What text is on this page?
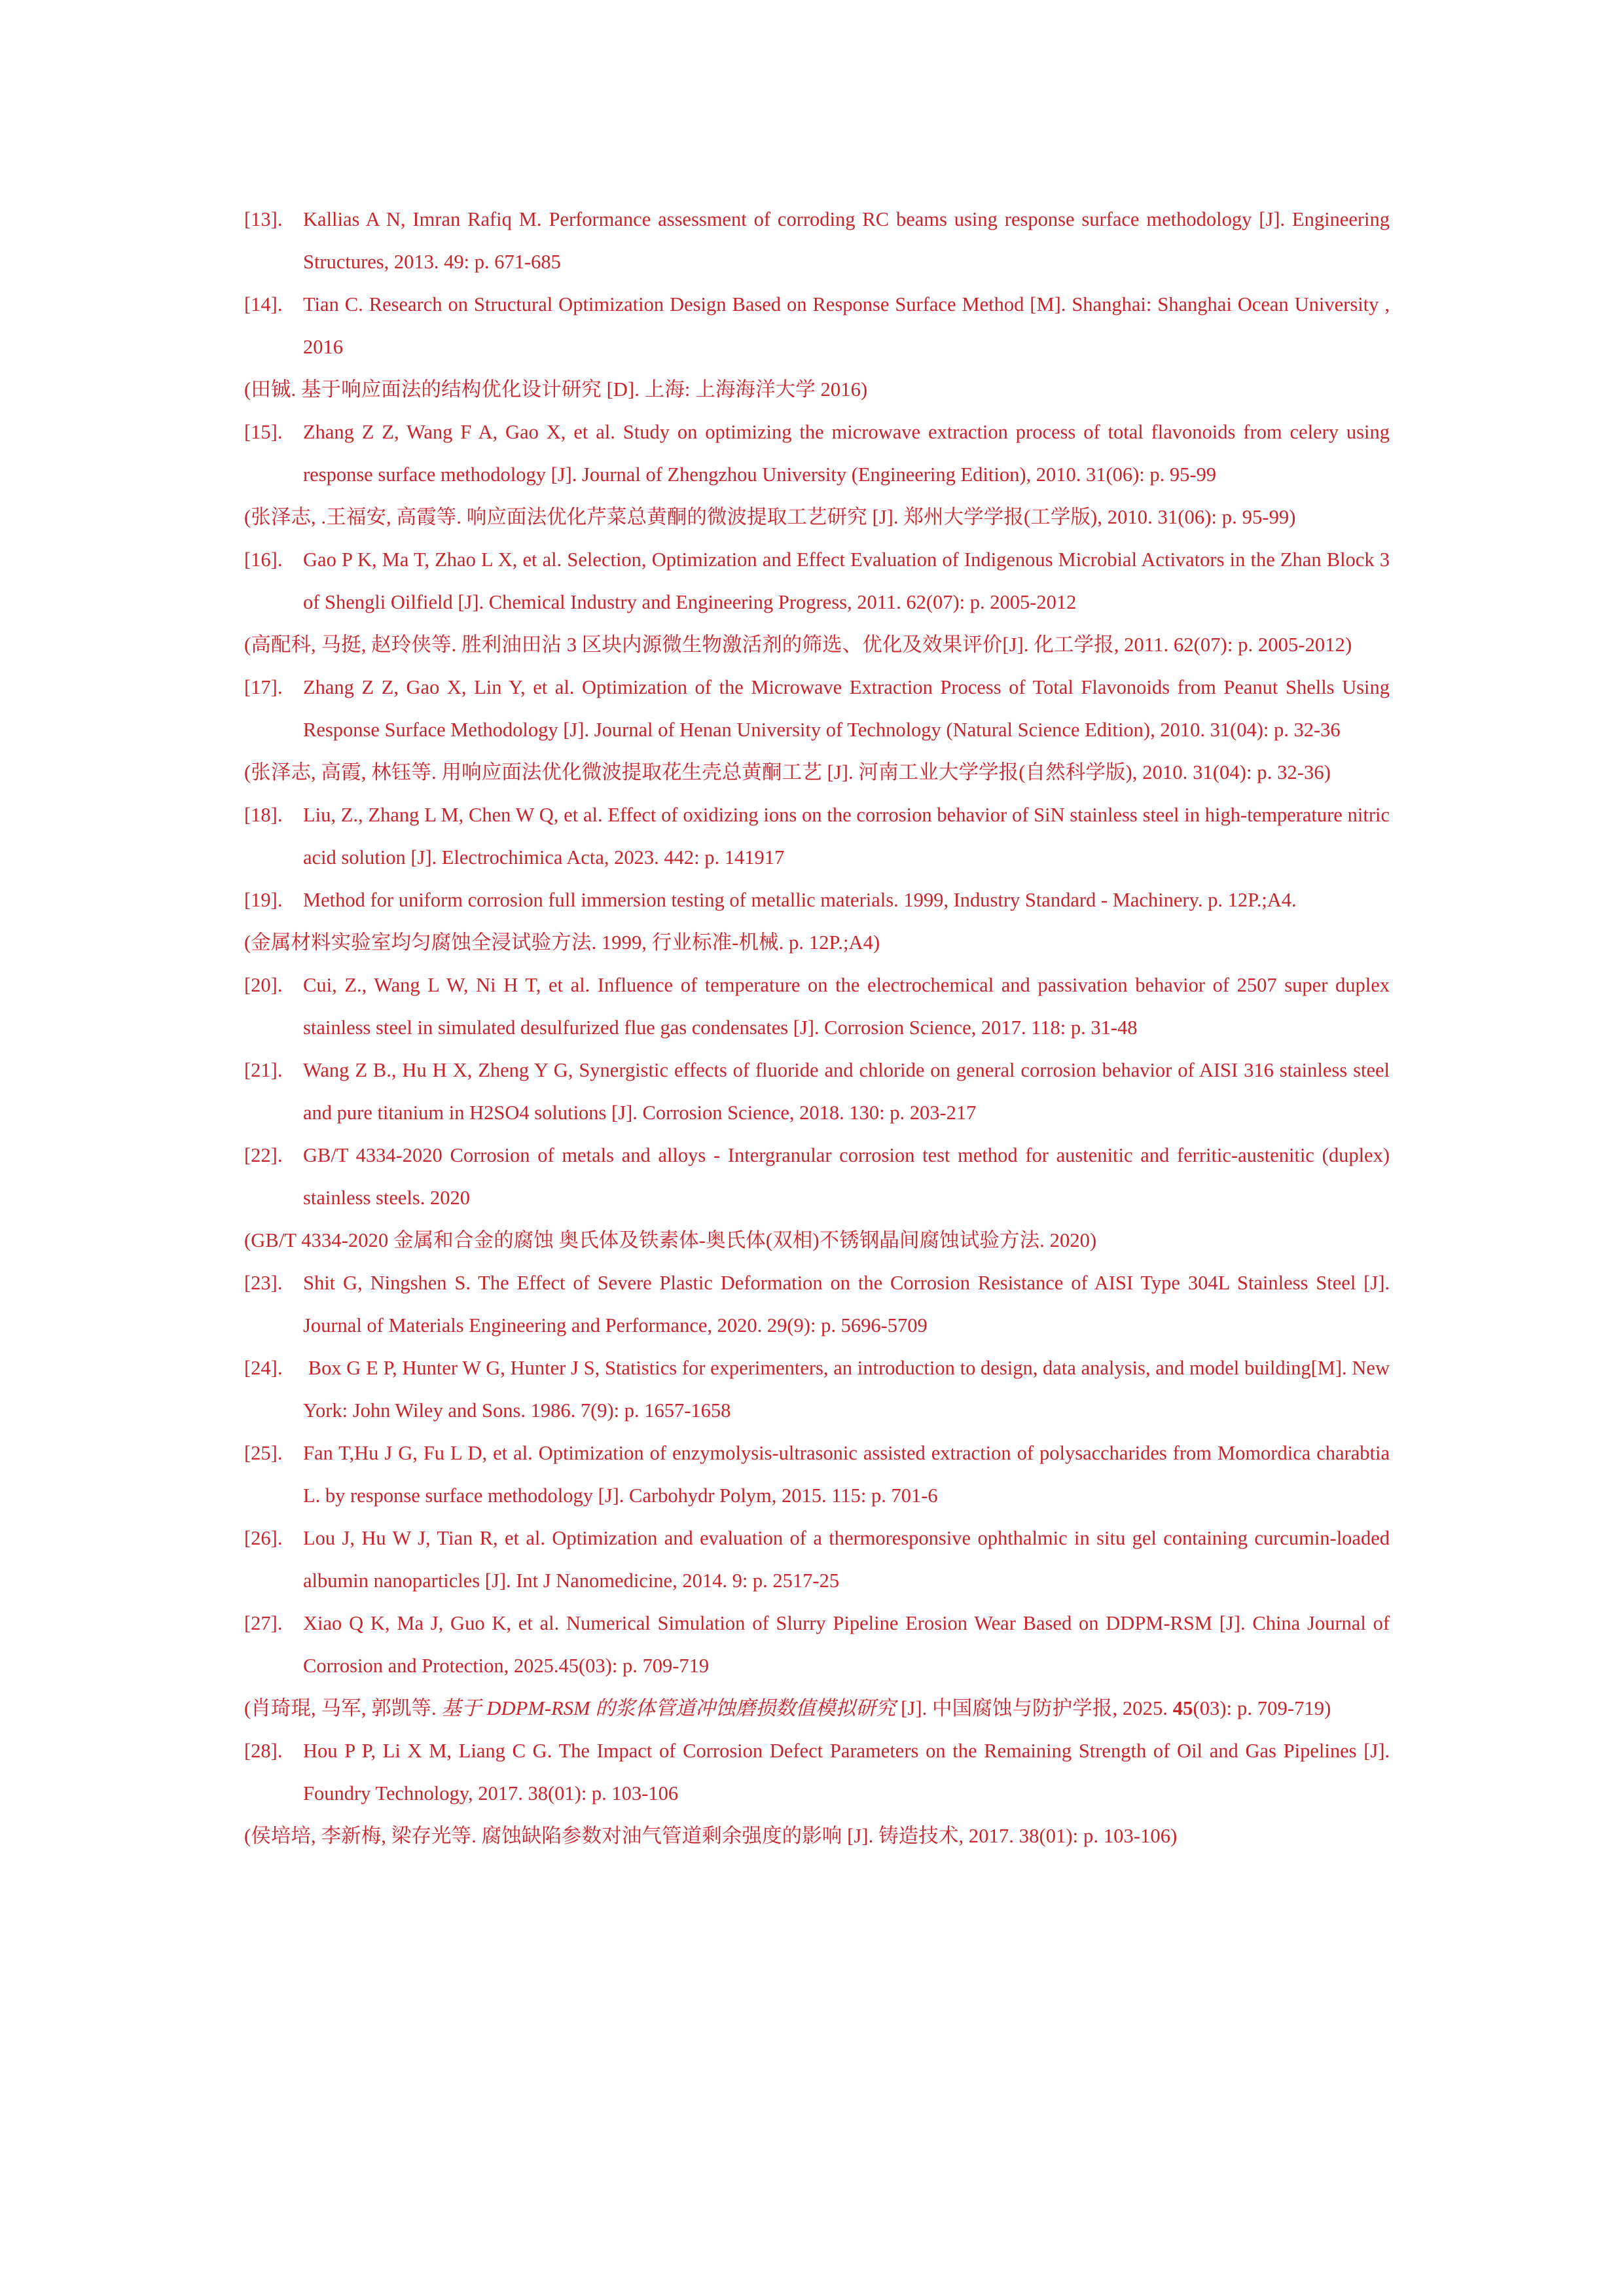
[13]. Kallias A N, Imran Rafiq M. Performance assessment of corroding RC beams using response surface methodology [J]. Engineering Structures, 2013. 49: p. 671-685
[14]. Tian C. Research on Structural Optimization Design Based on Response Surface Method [M]. Shanghai: Shanghai Ocean University , 2016
(田铖. 基于响应面法的结构优化设计研究 [D]. 上海: 上海海洋大学 2016)
[15]. Zhang Z Z, Wang F A, Gao X, et al. Study on optimizing the microwave extraction process of total flavonoids from celery using response surface methodology [J]. Journal of Zhengzhou University (Engineering Edition), 2010. 31(06): p. 95-99
(张泽志, .王福安, 高霞等. 响应面法优化芹菜总黄酮的微波提取工艺研究 [J]. 郑州大学学报(工学版), 2010. 31(06): p. 95-99)
[16]. Gao P K, Ma T, Zhao L X, et al. Selection, Optimization and Effect Evaluation of Indigenous Microbial Activators in the Zhan Block 3 of Shengli Oilfield [J]. Chemical Industry and Engineering Progress, 2011. 62(07): p. 2005-2012
(高配科, 马挺, 赵玲侠等. 胜利油田沾 3 区块内源微生物激活剂的筛选、优化及效果评价[J]. 化工学报, 2011. 62(07): p. 2005-2012)
[17]. Zhang Z Z, Gao X, Lin Y, et al. Optimization of the Microwave Extraction Process of Total Flavonoids from Peanut Shells Using Response Surface Methodology [J]. Journal of Henan University of Technology (Natural Science Edition), 2010. 31(04): p. 32-36
(张泽志, 高霞, 林钰等. 用响应面法优化微波提取花生壳总黄酮工艺 [J]. 河南工业大学学报(自然科学版), 2010. 31(04): p. 32-36)
[18]. Liu, Z., Zhang L M, Chen W Q, et al. Effect of oxidizing ions on the corrosion behavior of SiN stainless steel in high-temperature nitric acid solution [J]. Electrochimica Acta, 2023. 442: p. 141917
[19]. Method for uniform corrosion full immersion testing of metallic materials. 1999, Industry Standard - Machinery. p. 12P.;A4.
(金属材料实验室均匀腐蚀全浸试验方法. 1999, 行业标准-机械. p. 12P.;A4)
[20]. Cui, Z., Wang L W, Ni H T, et al. Influence of temperature on the electrochemical and passivation behavior of 2507 super duplex stainless steel in simulated desulfurized flue gas condensates [J]. Corrosion Science, 2017. 118: p. 31-48
[21]. Wang Z B., Hu H X, Zheng Y G, Synergistic effects of fluoride and chloride on general corrosion behavior of AISI 316 stainless steel and pure titanium in H2SO4 solutions [J]. Corrosion Science, 2018. 130: p. 203-217
[22]. GB/T 4334-2020 Corrosion of metals and alloys - Intergranular corrosion test method for austenitic and ferritic-austenitic (duplex) stainless steels. 2020
(GB/T 4334-2020 金属和合金的腐蚀 奥氏体及铁素体-奥氏体(双相)不锈钢晶间腐蚀试验方法. 2020)
[23]. Shit G, Ningshen S. The Effect of Severe Plastic Deformation on the Corrosion Resistance of AISI Type 304L Stainless Steel [J]. Journal of Materials Engineering and Performance, 2020. 29(9): p. 5696-5709
[24]. Box G E P, Hunter W G, Hunter J S, Statistics for experimenters, an introduction to design, data analysis, and model building[M]. New York: John Wiley and Sons. 1986. 7(9): p. 1657-1658
[25]. Fan T,Hu J G, Fu L D, et al. Optimization of enzymolysis-ultrasonic assisted extraction of polysaccharides from Momordica charabtia L. by response surface methodology [J]. Carbohydr Polym, 2015. 115: p. 701-6
[26]. Lou J, Hu W J, Tian R, et al. Optimization and evaluation of a thermoresponsive ophthalmic in situ gel containing curcumin-loaded albumin nanoparticles [J]. Int J Nanomedicine, 2014. 9: p. 2517-25
[27]. Xiao Q K, Ma J, Guo K, et al. Numerical Simulation of Slurry Pipeline Erosion Wear Based on DDPM-RSM [J]. China Journal of Corrosion and Protection, 2025.45(03): p. 709-719
(肖琦琨, 马军, 郭凯等. 基于 DDPM-RSM 的浆体管道冲蚀磨损数值模拟研究 [J]. 中国腐蚀与防护学报, 2025. 45(03): p. 709-719)
[28]. Hou P P, Li X M, Liang C G. The Impact of Corrosion Defect Parameters on the Remaining Strength of Oil and Gas Pipelines [J]. Foundry Technology, 2017. 38(01): p. 103-106
(侯培培, 李新梅, 梁存光等. 腐蚀缺陷参数对油气管道剩余强度的影响 [J]. 铸造技术, 2017. 38(01): p. 103-106)
